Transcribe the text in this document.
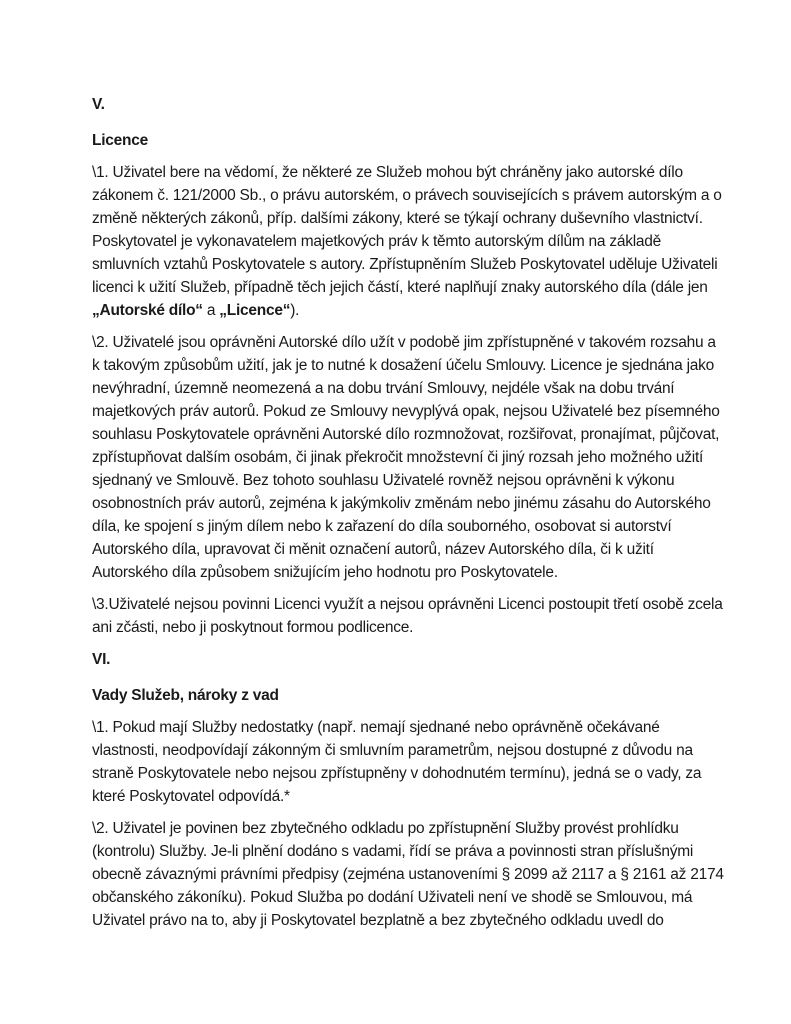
V.
Licence

\1. Uživatel bere na vědomí, že některé ze Služeb mohou být chráněny jako autorské dílo zákonem č. 121/2000 Sb., o právu autorském, o právech souvisejících s právem autorským a o změně některých zákonů, příp. dalšími zákony, které se týkají ochrany duševního vlastnictví. Poskytovatel je vykonavatelem majetkových práv k těmto autorským dílům na základě smluvních vztahů Poskytovatele s autory. Zpřístupněním Služeb Poskytovatel uděluje Uživateli licenci k užití Služeb, případně těch jejich částí, které naplňují znaky autorského díla (dále jen „Autorské dílo“ a „Licence“).

\2. Uživatelé jsou oprávněni Autorské dílo užít v podobě jim zpřístupněné v takovém rozsahu a k takovým způsobům užití, jak je to nutné k dosažení účelu Smlouvy. Licence je sjednána jako nevýhradní, územně neomezená a na dobu trvání Smlouvy, nejdéle však na dobu trvání majetkových práv autorů. Pokud ze Smlouvy nevyplývá opak, nejsou Uživatelé bez písemného souhlasu Poskytovatele oprávněni Autorské dílo rozmnožovat, rozšiřovat, pronajímat, půjčovat, zpřístupňovat dalším osobám, či jinak překročit množstevní či jiný rozsah jeho možného užití sjednaný ve Smlouvě. Bez tohoto souhlasu Uživatelé rovněž nejsou oprávněni k výkonu osobnostních práv autorů, zejména k jakýmkoliv změnám nebo jinému zásahu do Autorského díla, ke spojení s jiným dílem nebo k zařazení do díla souborného, osobovat si autorství Autorského díla, upravovat či měnit označení autorů, název Autorského díla, či k užití Autorského díla způsobem snižujícím jeho hodnotu pro Poskytovatele.

\3.Uživatelé nejsou povinni Licenci využít a nejsou oprávněni Licenci postoupit třetí osobě zcela ani zčásti, nebo ji poskytnout formou podlicence.

VI.
Vady Služeb, nároky z vad

\1. Pokud mají Služby nedostatky (např. nemají sjednané nebo oprávněně očekávané vlastnosti, neodpovídají zákonným či smluvním parametrům, nejsou dostupné z důvodu na straně Poskytovatele nebo nejsou zpřístupněny v dohodnutém termínu), jedná se o vady, za které Poskytovatel odpovídá.*

\2. Uživatel je povinen bez zbytečného odkladu po zpřístupnění Služby provést prohlídku (kontrolu) Služby. Je-li plnění dodáno s vadami, řídí se práva a povinnosti stran příslušnými obecně závaznými právními předpisy (zejména ustanoveními § 2099 až 2117 a § 2161 až 2174 občanského zákoníku). Pokud Služba po dodání Uživateli není ve shodě se Smlouvou, má Uživatel právo na to, aby ji Poskytovatel bezplatně a bez zbytečného odkladu uvedl do
